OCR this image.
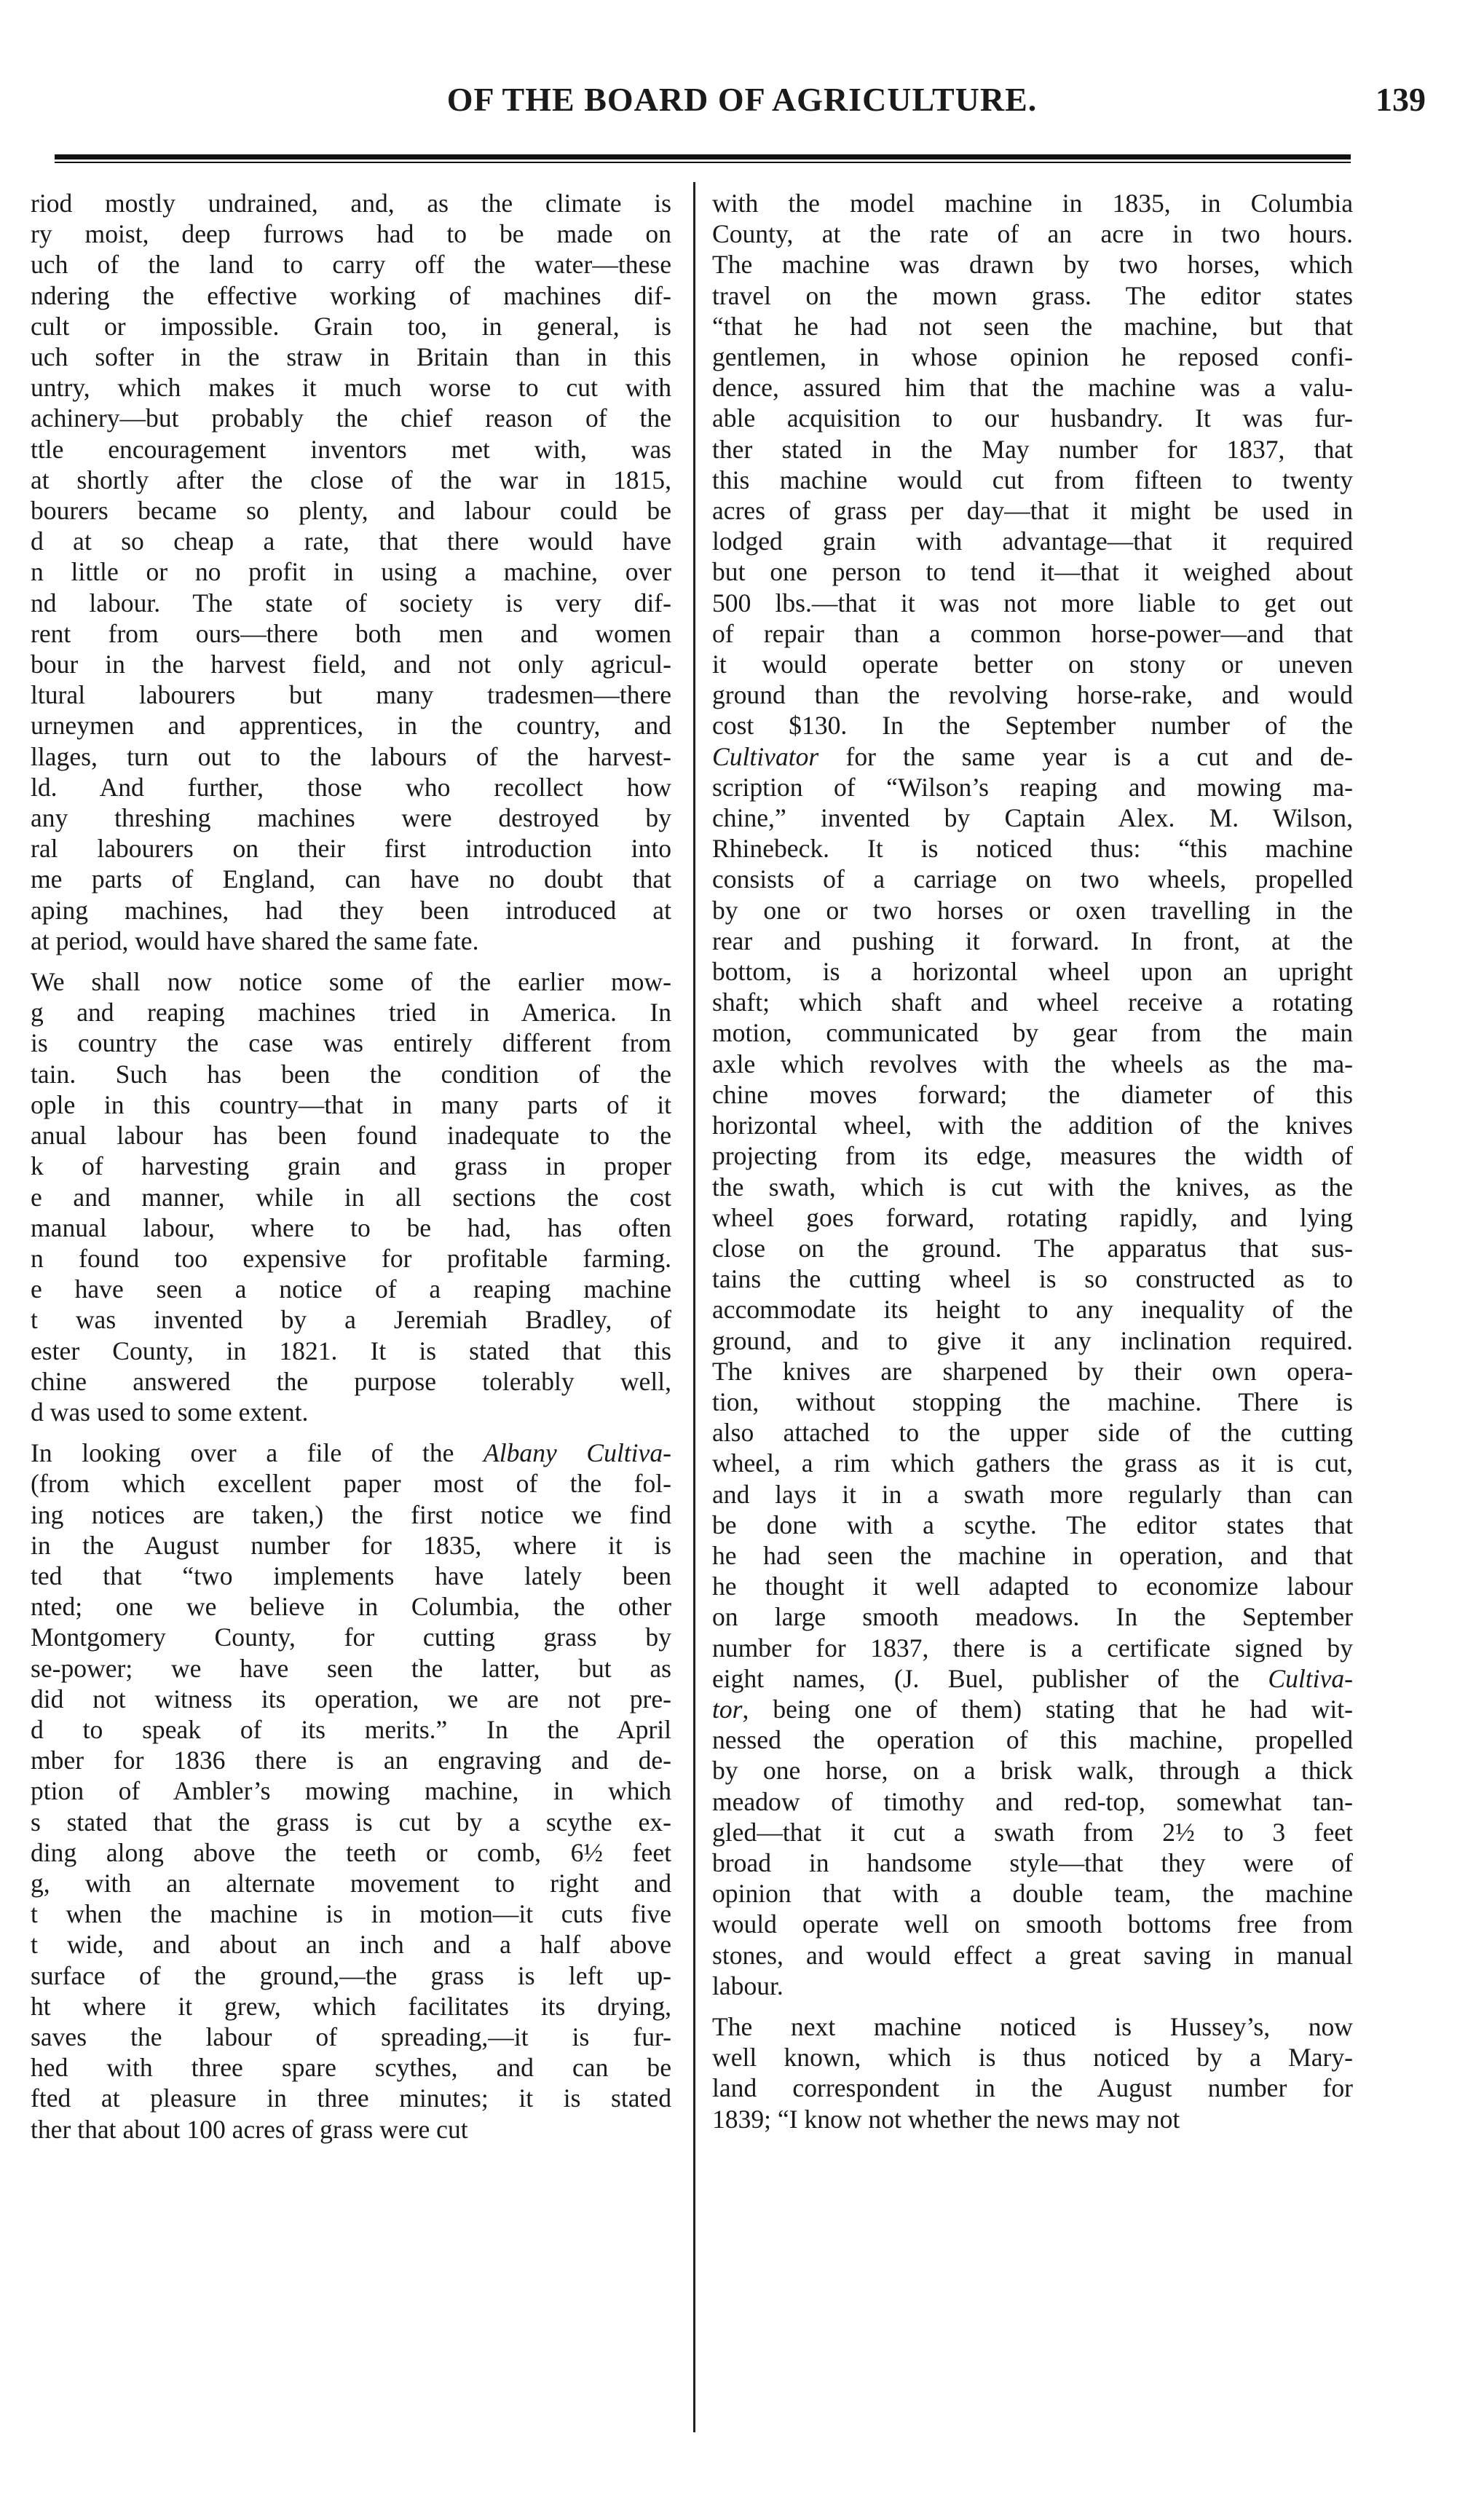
OF THE BOARD OF AGRICULTURE.	139

riod mostly undrained, and, as the climate is
ry moist, deep furrows had to be made on
uch of the land to carry off the water—these
ndering the effective working of machines dif-
cult or impossible. Grain too, in general, is
uch softer in the straw in Britain than in this
untry, which makes it much worse to cut with
achinery—but probably the chief reason of the
ttle encouragement inventors met with, was
at shortly after the close of the war in 1815,
bourers became so plenty, and labour could be
d at so cheap a rate, that there would have
n little or no profit in using a machine, over
nd labour. The state of society is very dif-
rent from ours—there both men and women
bour in the harvest field, and not only agricul-
ltural labourers but many tradesmen—there
urneymen and apprentices, in the country, and
llages, turn out to the labours of the harvest-
ld. And further, those who recollect how
any threshing machines were destroyed by
ral labourers on their first introduction into
me parts of England, can have no doubt that
aping machines, had they been introduced at
at period, would have shared the same fate.

We shall now notice some of the earlier mow-
g and reaping machines tried in America. In
is country the case was entirely different from
tain. Such has been the condition of the
ople in this country—that in many parts of it
anual labour has been found inadequate to the
k of harvesting grain and grass in proper
e and manner, while in all sections the cost
manual labour, where to be had, has often
n found too expensive for profitable farming.
e have seen a notice of a reaping machine
t was invented by a Jeremiah Bradley, of
ester County, in 1821. It is stated that this
chine answered the purpose tolerably well,
d was used to some extent.

In looking over a file of the Albany Cultiva-
(from which excellent paper most of the fol-
ing notices are taken,) the first notice we find
in the August number for 1835, where it is
ted that “two implements have lately been
nted; one we believe in Columbia, the other
Montgomery County, for cutting grass by
se-power; we have seen the latter, but as
did not witness its operation, we are not pre-
d to speak of its merits.” In the April
mber for 1836 there is an engraving and de-
ption of Ambler’s mowing machine, in which
s stated that the grass is cut by a scythe ex-
ding along above the teeth or comb, 6½ feet
g, with an alternate movement to right and
t when the machine is in motion—it cuts five
t wide, and about an inch and a half above
surface of the ground,—the grass is left up-
ht where it grew, which facilitates its drying,
saves the labour of spreading,—it is fur-
hed with three spare scythes, and can be
fted at pleasure in three minutes; it is stated
ther that about 100 acres of grass were cut

with the model machine in 1835, in Columbia
County, at the rate of an acre in two hours.
The machine was drawn by two horses, which
travel on the mown grass. The editor states
“that he had not seen the machine, but that
gentlemen, in whose opinion he reposed confi-
dence, assured him that the machine was a valu-
able acquisition to our husbandry. It was fur-
ther stated in the May number for 1837, that
this machine would cut from fifteen to twenty
acres of grass per day—that it might be used in
lodged grain with advantage—that it required
but one person to tend it—that it weighed about
500 lbs.—that it was not more liable to get out
of repair than a common horse-power—and that
it would operate better on stony or uneven
ground than the revolving horse-rake, and would
cost $130. In the September number of the
Cultivator for the same year is a cut and de-
scription of “Wilson’s reaping and mowing ma-
chine,” invented by Captain Alex. M. Wilson,
Rhinebeck. It is noticed thus: “this machine
consists of a carriage on two wheels, propelled
by one or two horses or oxen travelling in the
rear and pushing it forward. In front, at the
bottom, is a horizontal wheel upon an upright
shaft; which shaft and wheel receive a rotating
motion, communicated by gear from the main
axle which revolves with the wheels as the ma-
chine moves forward; the diameter of this
horizontal wheel, with the addition of the knives
projecting from its edge, measures the width of
the swath, which is cut with the knives, as the
wheel goes forward, rotating rapidly, and lying
close on the ground. The apparatus that sus-
tains the cutting wheel is so constructed as to
accommodate its height to any inequality of the
ground, and to give it any inclination required.
The knives are sharpened by their own opera-
tion, without stopping the machine. There is
also attached to the upper side of the cutting
wheel, a rim which gathers the grass as it is cut,
and lays it in a swath more regularly than can
be done with a scythe. The editor states that
he had seen the machine in operation, and that
he thought it well adapted to economize labour
on large smooth meadows. In the September
number for 1837, there is a certificate signed by
eight names, (J. Buel, publisher of the Cultiva-
tor, being one of them) stating that he had wit-
nessed the operation of this machine, propelled
by one horse, on a brisk walk, through a thick
meadow of timothy and red-top, somewhat tan-
gled—that it cut a swath from 2½ to 3 feet
broad in handsome style—that they were of
opinion that with a double team, the machine
would operate well on smooth bottoms free from
stones, and would effect a great saving in manual
labour.

The next machine noticed is Hussey’s, now
well known, which is thus noticed by a Mary-
land correspondent in the August number for
1839; “I know not whether the news may not
